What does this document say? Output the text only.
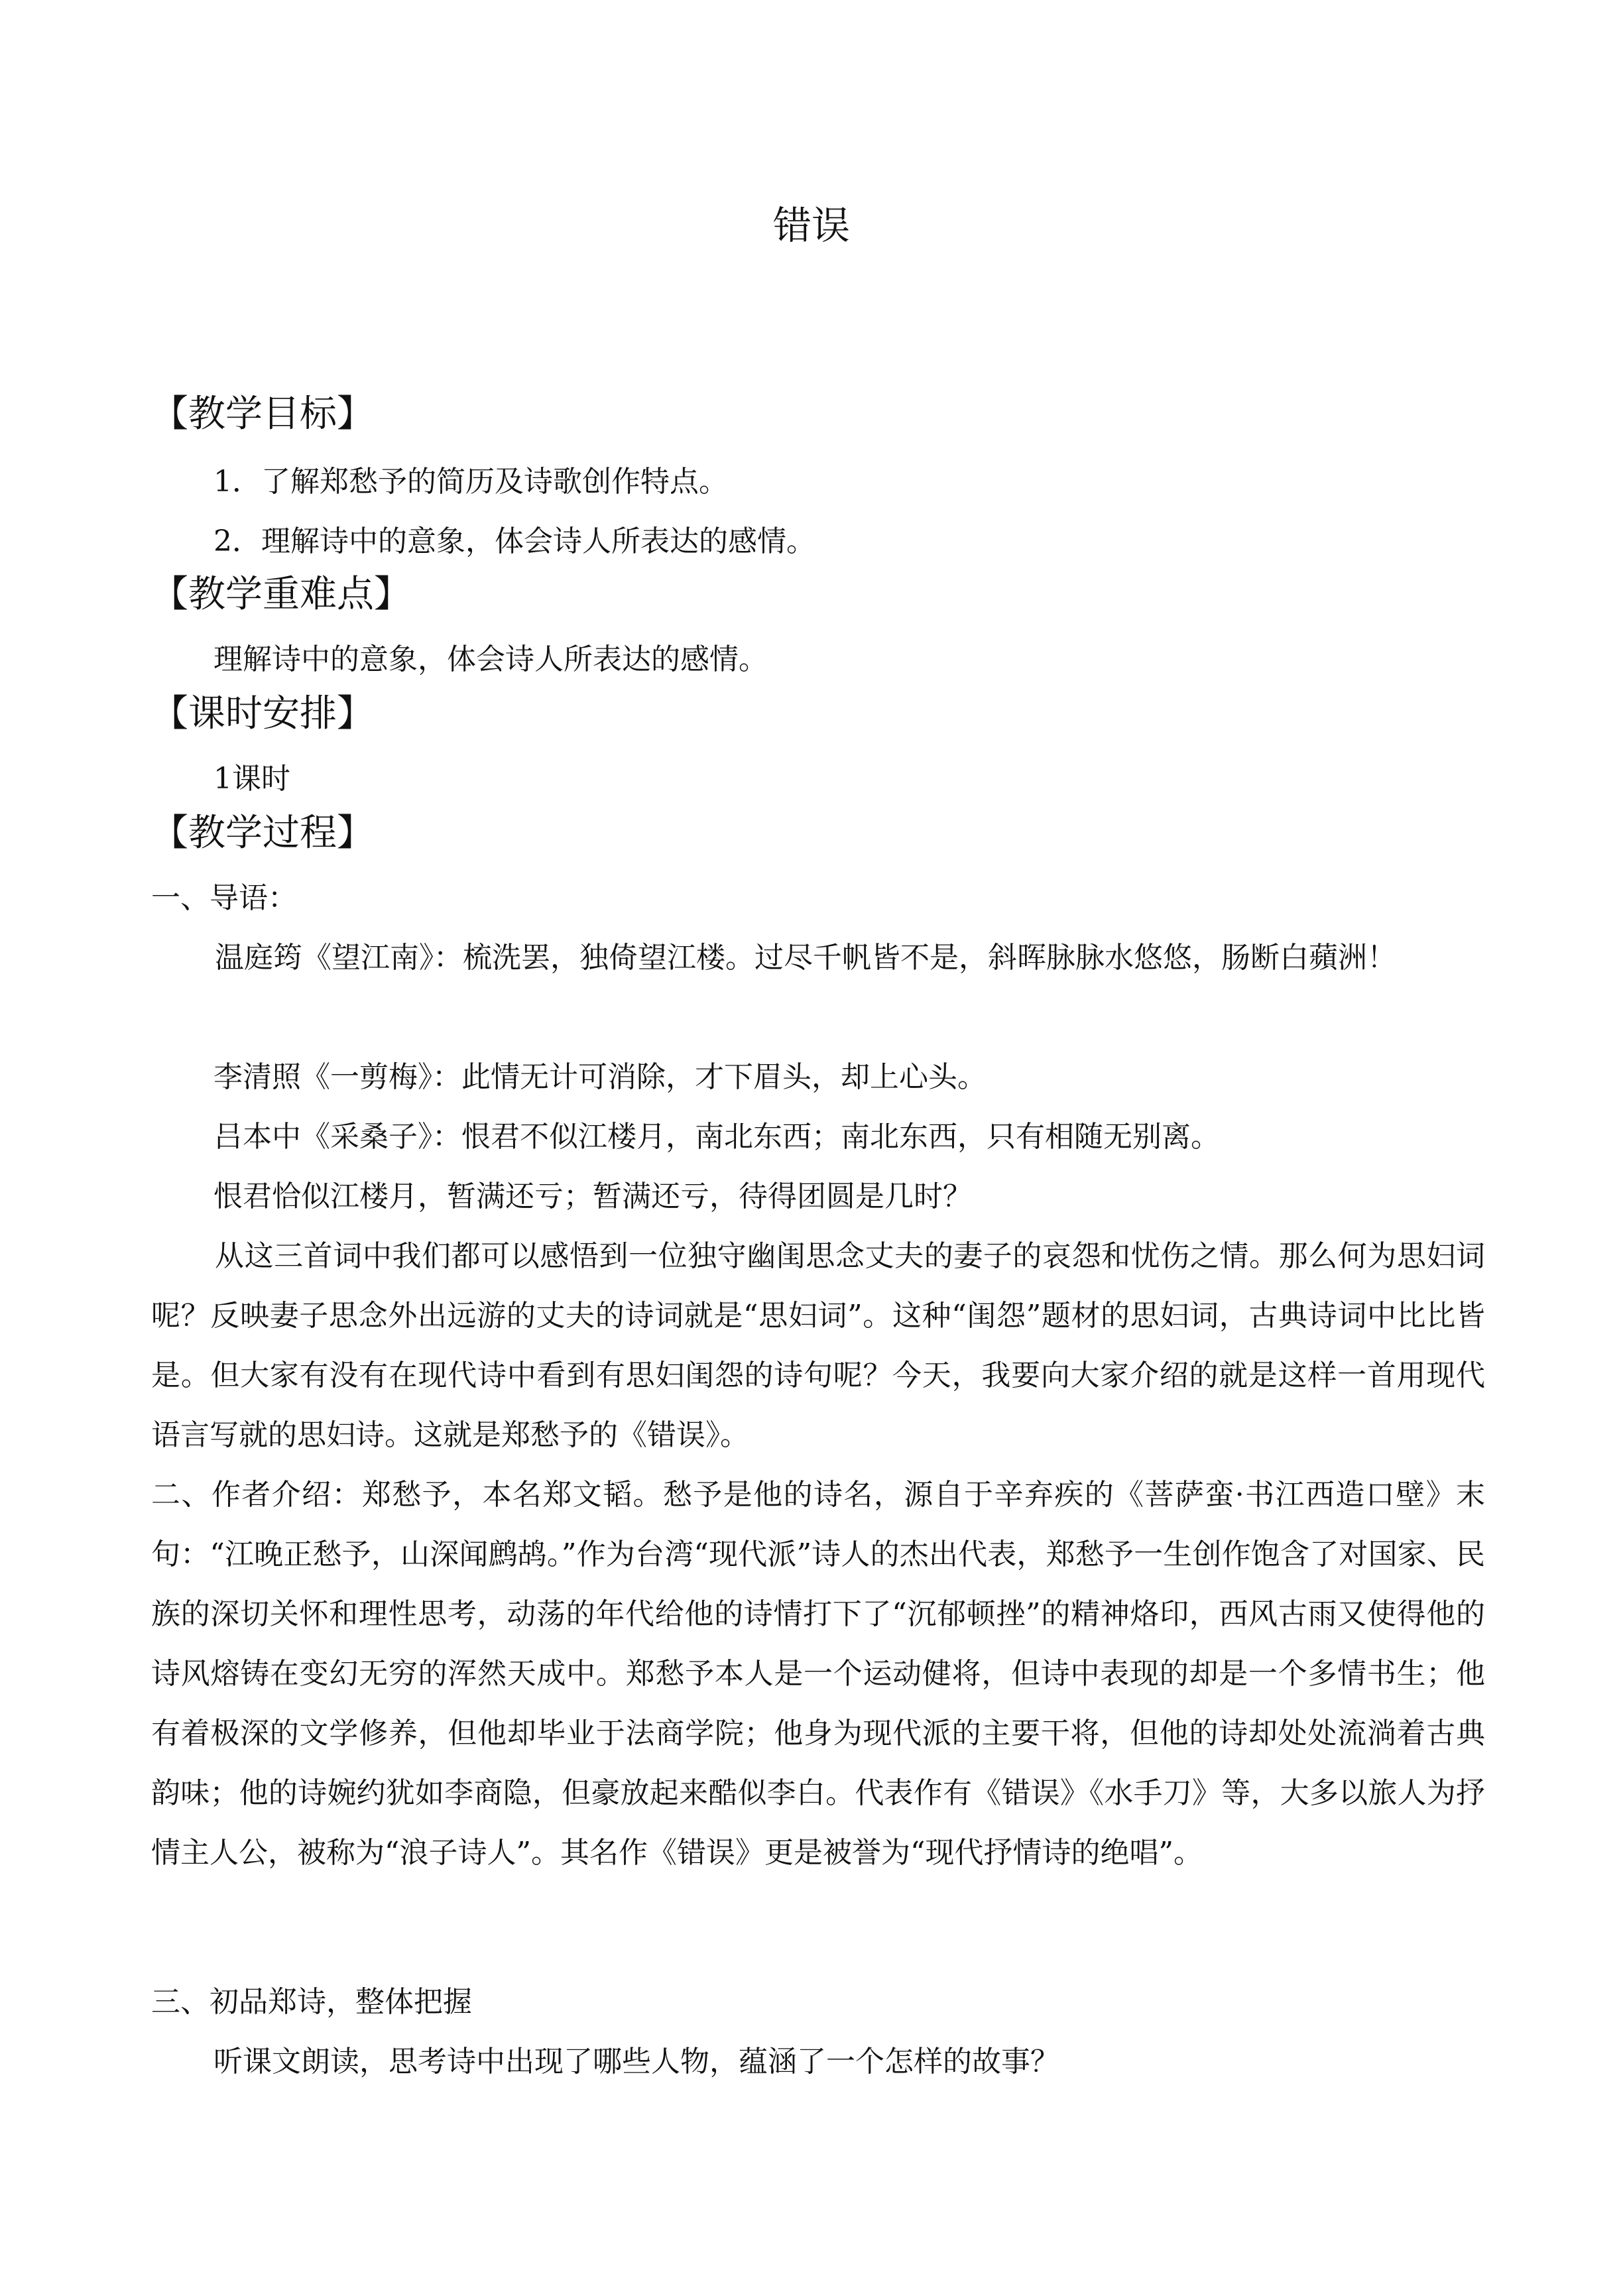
错误
【教学目标】
1．了解郑愁予的简历及诗歌创作特点。
2．理解诗中的意象，体会诗人所表达的感情。
【教学重难点】
理解诗中的意象，体会诗人所表达的感情。
【课时安排】
1课时
【教学过程】
一、导语：

温庭筠《望江南》：梳洗罢，独倚望江楼。过尽千帆皆不是，斜晖脉脉水悠悠，肠断白蘋洲！

李清照《一剪梅》：此情无计可消除，才下眉头，却上心头。
吕本中《采桑子》：恨君不似江楼月，南北东西；南北东西，只有相随无别离。
恨君恰似江楼月，暂满还亏；暂满还亏，待得团圆是几时？

从这三首词中我们都可以感悟到一位独守幽闺思念丈夫的妻子的哀怨和忧伤之情。那么何为思妇词呢？反映妻子思念外出远游的丈夫的诗词就是“思妇词”。这种“闺怨”题材的思妇词，古典诗词中比比皆是。但大家有没有在现代诗中看到有思妇闺怨的诗句呢？今天，我要向大家介绍的就是这样一首用现代语言写就的思妇诗。这就是郑愁予的《错误》。

二、作者介绍：郑愁予，本名郑文韬。愁予是他的诗名，源自于辛弃疾的《菩萨蛮·书江西造口壁》末句：“江晚正愁予，山深闻鹧鸪。”作为台湾“现代派”诗人的杰出代表，郑愁予一生创作饱含了对国家、民族的深切关怀和理性思考，动荡的年代给他的诗情打下了“沉郁顿挫”的精神烙印，西风古雨又使得他的诗风熔铸在变幻无穷的浑然天成中。郑愁予本人是一个运动健将，但诗中表现的却是一个多情书生；他有着极深的文学修养，但他却毕业于法商学院；他身为现代派的主要干将，但他的诗却处处流淌着古典韵味；他的诗婉约犹如李商隐，但豪放起来酷似李白。代表作有《错误》《水手刀》等，大多以旅人为抒情主人公，被称为“浪子诗人”。其名作《错误》更是被誉为“现代抒情诗的绝唱”。

三、初品郑诗，整体把握
听课文朗读，思考诗中出现了哪些人物，蕴涵了一个怎样的故事？
